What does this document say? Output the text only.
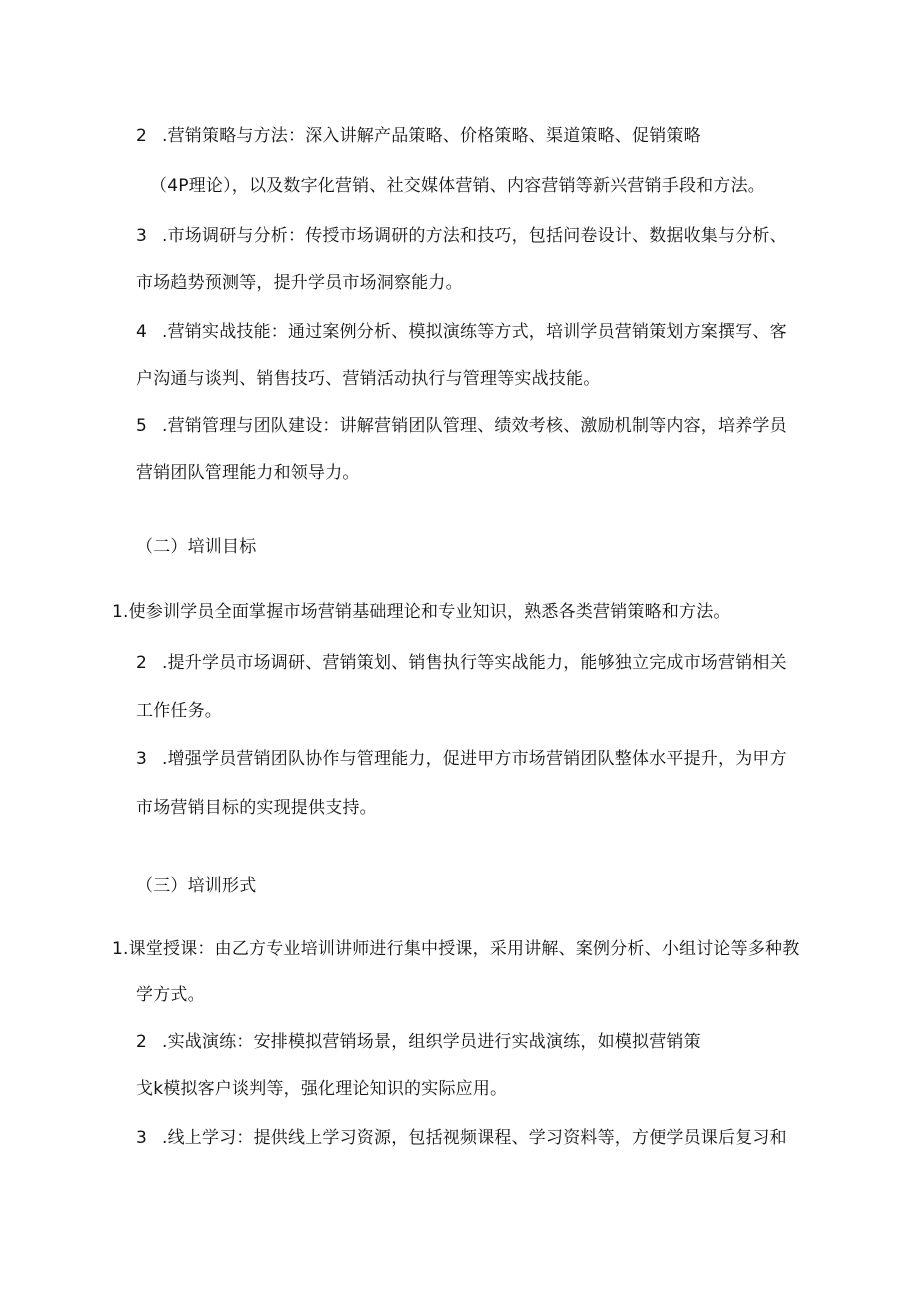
2 .营销策略与方法：深入讲解产品策略、价格策略、渠道策略、促销策略
（4P理论），以及数字化营销、社交媒体营销、内容营销等新兴营销手段和方法。
3 .市场调研与分析：传授市场调研的方法和技巧，包括问卷设计、数据收集与分析、
市场趋势预测等，提升学员市场洞察能力。
4 .营销实战技能：通过案例分析、模拟演练等方式，培训学员营销策划方案撰写、客
户沟通与谈判、销售技巧、营销活动执行与管理等实战技能。
5 .营销管理与团队建设：讲解营销团队管理、绩效考核、激励机制等内容，培养学员
营销团队管理能力和领导力。
（二）培训目标
1.使参训学员全面掌握市场营销基础理论和专业知识，熟悉各类营销策略和方法。
2 .提升学员市场调研、营销策划、销售执行等实战能力，能够独立完成市场营销相关
工作任务。
3 .增强学员营销团队协作与管理能力，促进甲方市场营销团队整体水平提升，为甲方
市场营销目标的实现提供支持。
（三）培训形式
1.课堂授课：由乙方专业培训讲师进行集中授课，采用讲解、案例分析、小组讨论等多种教
学方式。
2 .实战演练：安排模拟营销场景，组织学员进行实战演练，如模拟营销策
戈k模拟客户谈判等，强化理论知识的实际应用。
3 .线上学习：提供线上学习资源，包括视频课程、学习资料等，方便学员课后复习和
